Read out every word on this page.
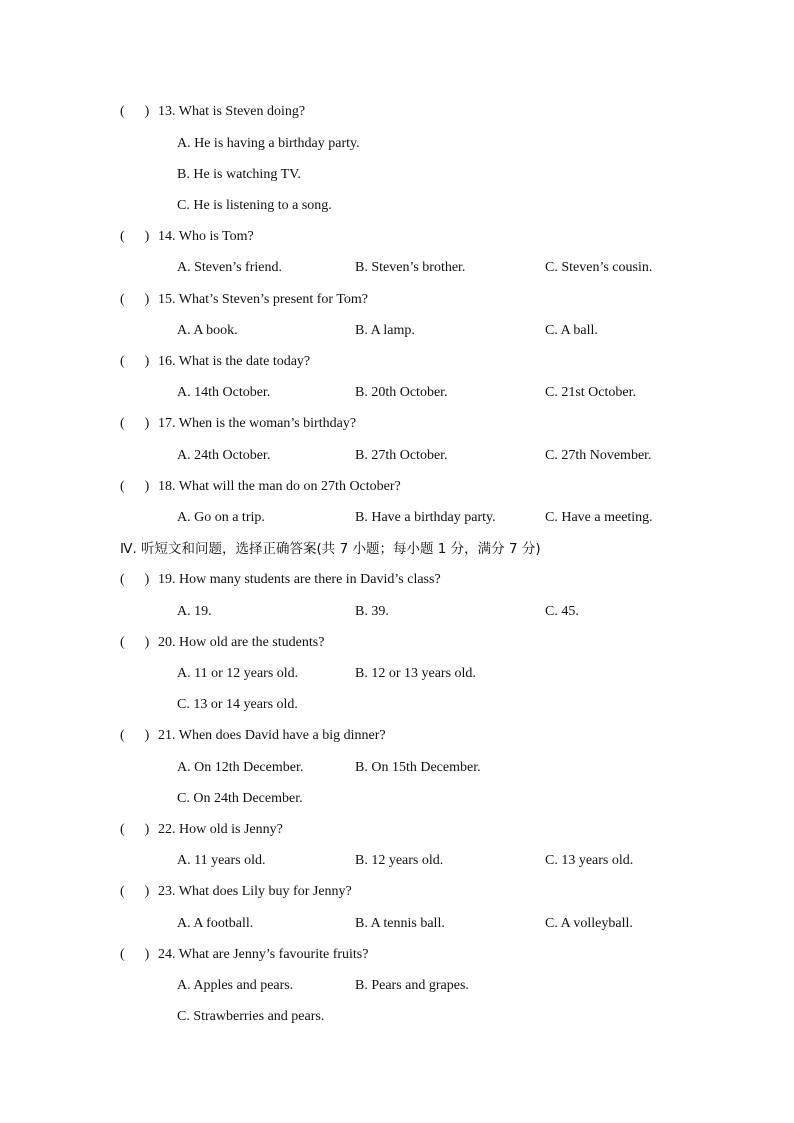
( ) 13. What is Steven doing?
A. He is having a birthday party.
B. He is watching TV.
C. He is listening to a song.
( ) 14. Who is Tom?
A. Steven’s friend.	B. Steven’s brother.	C. Steven’s cousin.
( ) 15. What’s Steven’s present for Tom?
A. A book.	B. A lamp.	C. A ball.
( ) 16. What is the date today?
A. 14th October.	B. 20th October.	C. 21st October.
( ) 17. When is the woman’s birthday?
A. 24th October.	B. 27th October.	C. 27th November.
( ) 18. What will the man do on 27th October?
A. Go on a trip.	B. Have a birthday party.	C. Have a meeting.
Ⅳ. 听短文和问题，选择正确答案(共 7 小题；每小题 1 分，满分 7 分)
( ) 19. How many students are there in David’s class?
A. 19.	B. 39.	C. 45.
( ) 20. How old are the students?
A. 11 or 12 years old.	B. 12 or 13 years old.
C. 13 or 14 years old.
( ) 21. When does David have a big dinner?
A. On 12th December.	B. On 15th December.
C. On 24th December.
( ) 22. How old is Jenny?
A. 11 years old.	B. 12 years old.	C. 13 years old.
( ) 23. What does Lily buy for Jenny?
A. A football.	B. A tennis ball.	C. A volleyball.
( ) 24. What are Jenny’s favourite fruits?
A. Apples and pears.	B. Pears and grapes.
C. Strawberries and pears.
